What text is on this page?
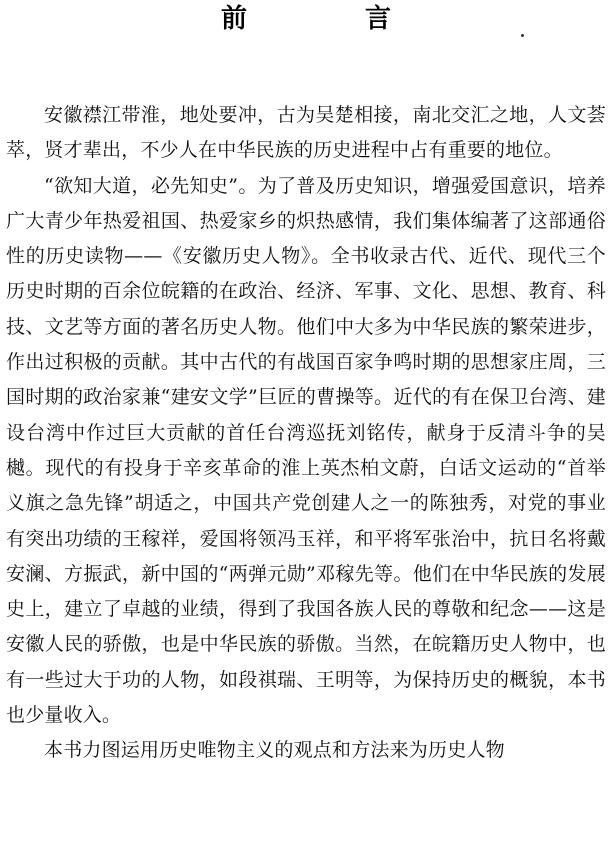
前　言

安徽襟江带淮，地处要冲，古为吴楚相接，南北交汇之地，人文荟萃，贤才辈出，不少人在中华民族的历史进程中占有重要的地位。

“欲知大道，必先知史”。为了普及历史知识，增强爱国意识，培养广大青少年热爱祖国、热爱家乡的炽热感情，我们集体编著了这部通俗性的历史读物——《安徽历史人物》。全书收录古代、近代、现代三个历史时期的百余位皖籍的在政治、经济、军事、文化、思想、教育、科技、文艺等方面的著名历史人物。他们中大多为中华民族的繁荣进步，作出过积极的贡献。其中古代的有战国百家争鸣时期的思想家庄周，三国时期的政治家兼“建安文学”巨匠的曹操等。近代的有在保卫台湾、建设台湾中作过巨大贡献的首任台湾巡抚刘铭传，献身于反清斗争的吴樾。现代的有投身于辛亥革命的淮上英杰柏文蔚，白话文运动的“首举义旗之急先锋”胡适之，中国共产党创建人之一的陈独秀，对党的事业有突出功绩的王稼祥，爱国将领冯玉祥，和平将军张治中，抗日名将戴安澜、方振武，新中国的“两弹元勋”邓稼先等。他们在中华民族的发展史上，建立了卓越的业绩，得到了我国各族人民的尊敬和纪念——这是安徽人民的骄傲，也是中华民族的骄傲。当然，在皖籍历史人物中，也有一些过大于功的人物，如段祺瑞、王明等，为保持历史的概貌，本书也少量收入。

本书力图运用历史唯物主义的观点和方法来为历史人物
